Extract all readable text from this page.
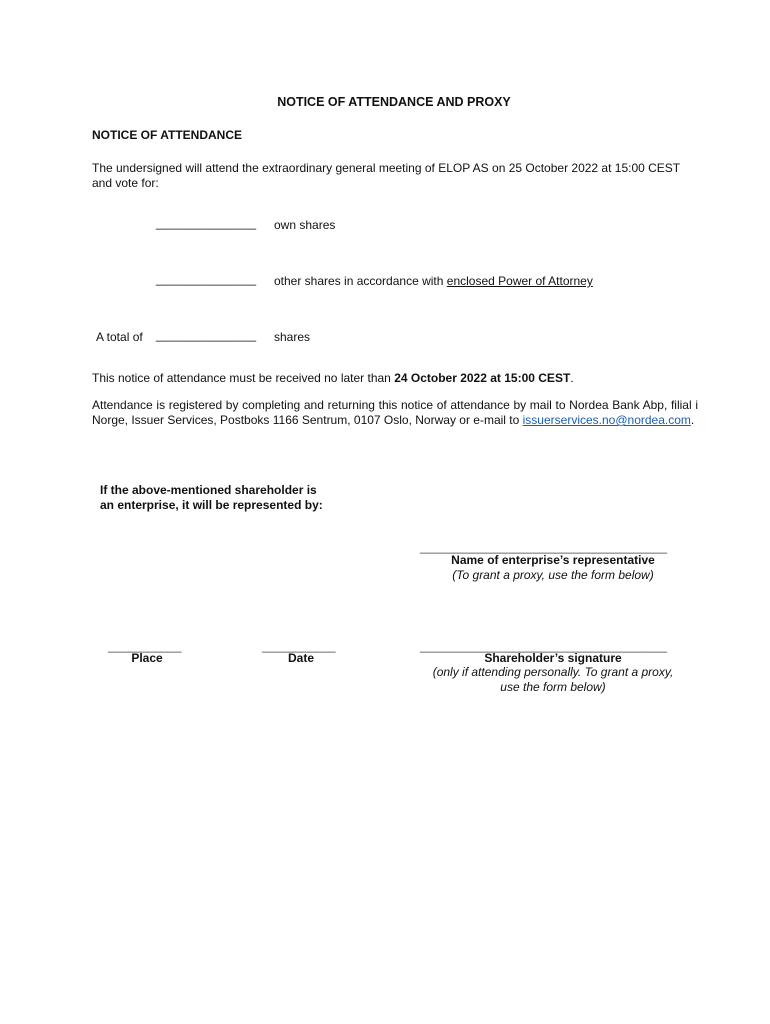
NOTICE OF ATTENDANCE AND PROXY
NOTICE OF ATTENDANCE
The undersigned will attend the extraordinary general meeting of ELOP AS on 25 October 2022 at 15:00 CEST and vote for:
_______________ own shares
_______________ other shares in accordance with enclosed Power of Attorney
A total of _______________ shares
This notice of attendance must be received no later than 24 October 2022 at 15:00 CEST.
Attendance is registered by completing and returning this notice of attendance by mail to Nordea Bank Abp, filial i Norge, Issuer Services, Postboks 1166 Sentrum, 0107 Oslo, Norway or e-mail to issuerservices.no@nordea.com.
If the above-mentioned shareholder is
an enterprise, it will be represented by:
_____________________________________
Name of enterprise’s representative
(To grant a proxy, use the form below)
___________
Place
___________
Date
_____________________________________
Shareholder’s signature
(only if attending personally. To grant a proxy,
use the form below)
